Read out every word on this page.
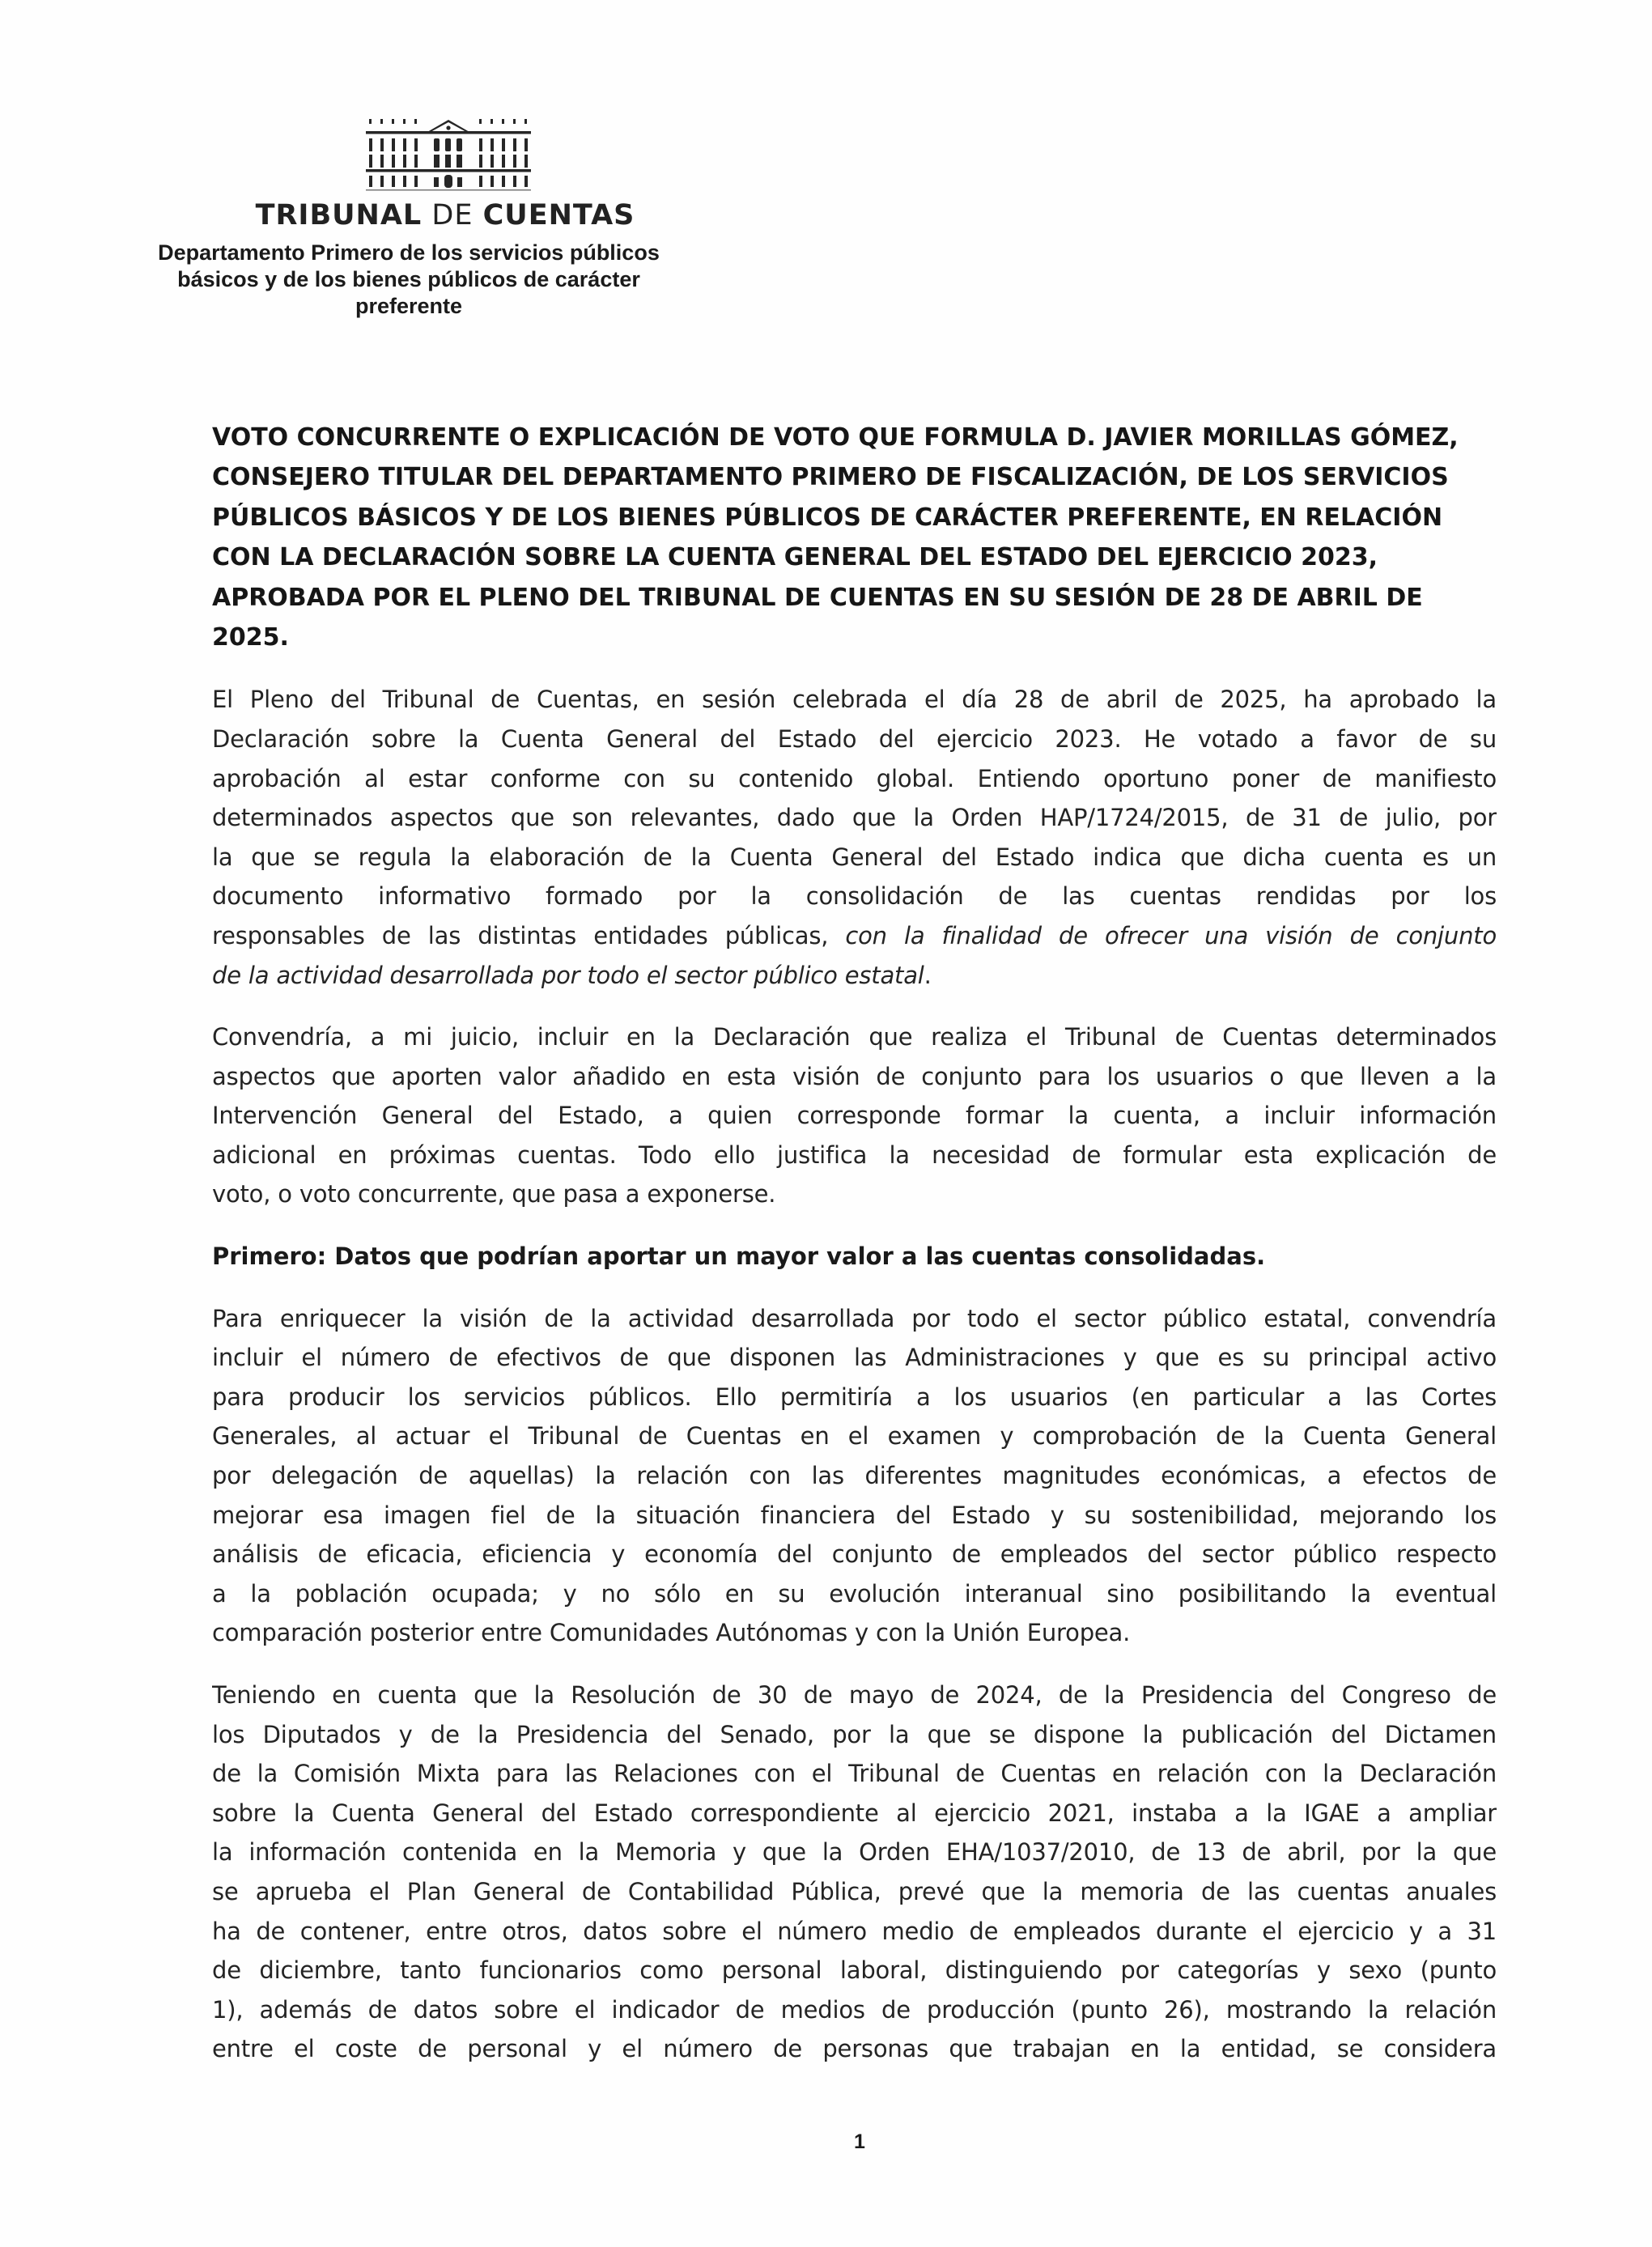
TRIBUNAL DE CUENTAS
Departamento Primero de los servicios públicos
básicos y de los bienes públicos de carácter
preferente
VOTO CONCURRENTE O EXPLICACIÓN DE VOTO QUE FORMULA D. JAVIER MORILLAS GÓMEZ,
CONSEJERO TITULAR DEL DEPARTAMENTO PRIMERO DE FISCALIZACIÓN, DE LOS SERVICIOS
PÚBLICOS BÁSICOS Y DE LOS BIENES PÚBLICOS DE CARÁCTER PREFERENTE, EN RELACIÓN
CON LA DECLARACIÓN SOBRE LA CUENTA GENERAL DEL ESTADO DEL EJERCICIO 2023,
APROBADA POR EL PLENO DEL TRIBUNAL DE CUENTAS EN SU SESIÓN DE 28 DE ABRIL DE
2025.
El Pleno del Tribunal de Cuentas, en sesión celebrada el día 28 de abril de 2025, ha aprobado la
Declaración sobre la Cuenta General del Estado del ejercicio 2023. He votado a favor de su
aprobación al estar conforme con su contenido global. Entiendo oportuno poner de manifiesto
determinados aspectos que son relevantes, dado que la Orden HAP/1724/2015, de 31 de julio, por
la que se regula la elaboración de la Cuenta General del Estado indica que dicha cuenta es un
documento informativo formado por la consolidación de las cuentas rendidas por los
responsables de las distintas entidades públicas, con la finalidad de ofrecer una visión de conjunto
de la actividad desarrollada por todo el sector público estatal.
Convendría, a mi juicio, incluir en la Declaración que realiza el Tribunal de Cuentas determinados
aspectos que aporten valor añadido en esta visión de conjunto para los usuarios o que lleven a la
Intervención General del Estado, a quien corresponde formar la cuenta, a incluir información
adicional en próximas cuentas. Todo ello justifica la necesidad de formular esta explicación de
voto, o voto concurrente, que pasa a exponerse.
Primero: Datos que podrían aportar un mayor valor a las cuentas consolidadas.
Para enriquecer la visión de la actividad desarrollada por todo el sector público estatal, convendría
incluir el número de efectivos de que disponen las Administraciones y que es su principal activo
para producir los servicios públicos. Ello permitiría a los usuarios (en particular a las Cortes
Generales, al actuar el Tribunal de Cuentas en el examen y comprobación de la Cuenta General
por delegación de aquellas) la relación con las diferentes magnitudes económicas, a efectos de
mejorar esa imagen fiel de la situación financiera del Estado y su sostenibilidad, mejorando los
análisis de eficacia, eficiencia y economía del conjunto de empleados del sector público respecto
a la población ocupada; y no sólo en su evolución interanual sino posibilitando la eventual
comparación posterior entre Comunidades Autónomas y con la Unión Europea.
Teniendo en cuenta que la Resolución de 30 de mayo de 2024, de la Presidencia del Congreso de
los Diputados y de la Presidencia del Senado, por la que se dispone la publicación del Dictamen
de la Comisión Mixta para las Relaciones con el Tribunal de Cuentas en relación con la Declaración
sobre la Cuenta General del Estado correspondiente al ejercicio 2021, instaba a la IGAE a ampliar
la información contenida en la Memoria y que la Orden EHA/1037/2010, de 13 de abril, por la que
se aprueba el Plan General de Contabilidad Pública, prevé que la memoria de las cuentas anuales
ha de contener, entre otros, datos sobre el número medio de empleados durante el ejercicio y a 31
de diciembre, tanto funcionarios como personal laboral, distinguiendo por categorías y sexo (punto
1), además de datos sobre el indicador de medios de producción (punto 26), mostrando la relación
entre el coste de personal y el número de personas que trabajan en la entidad, se considera
1
